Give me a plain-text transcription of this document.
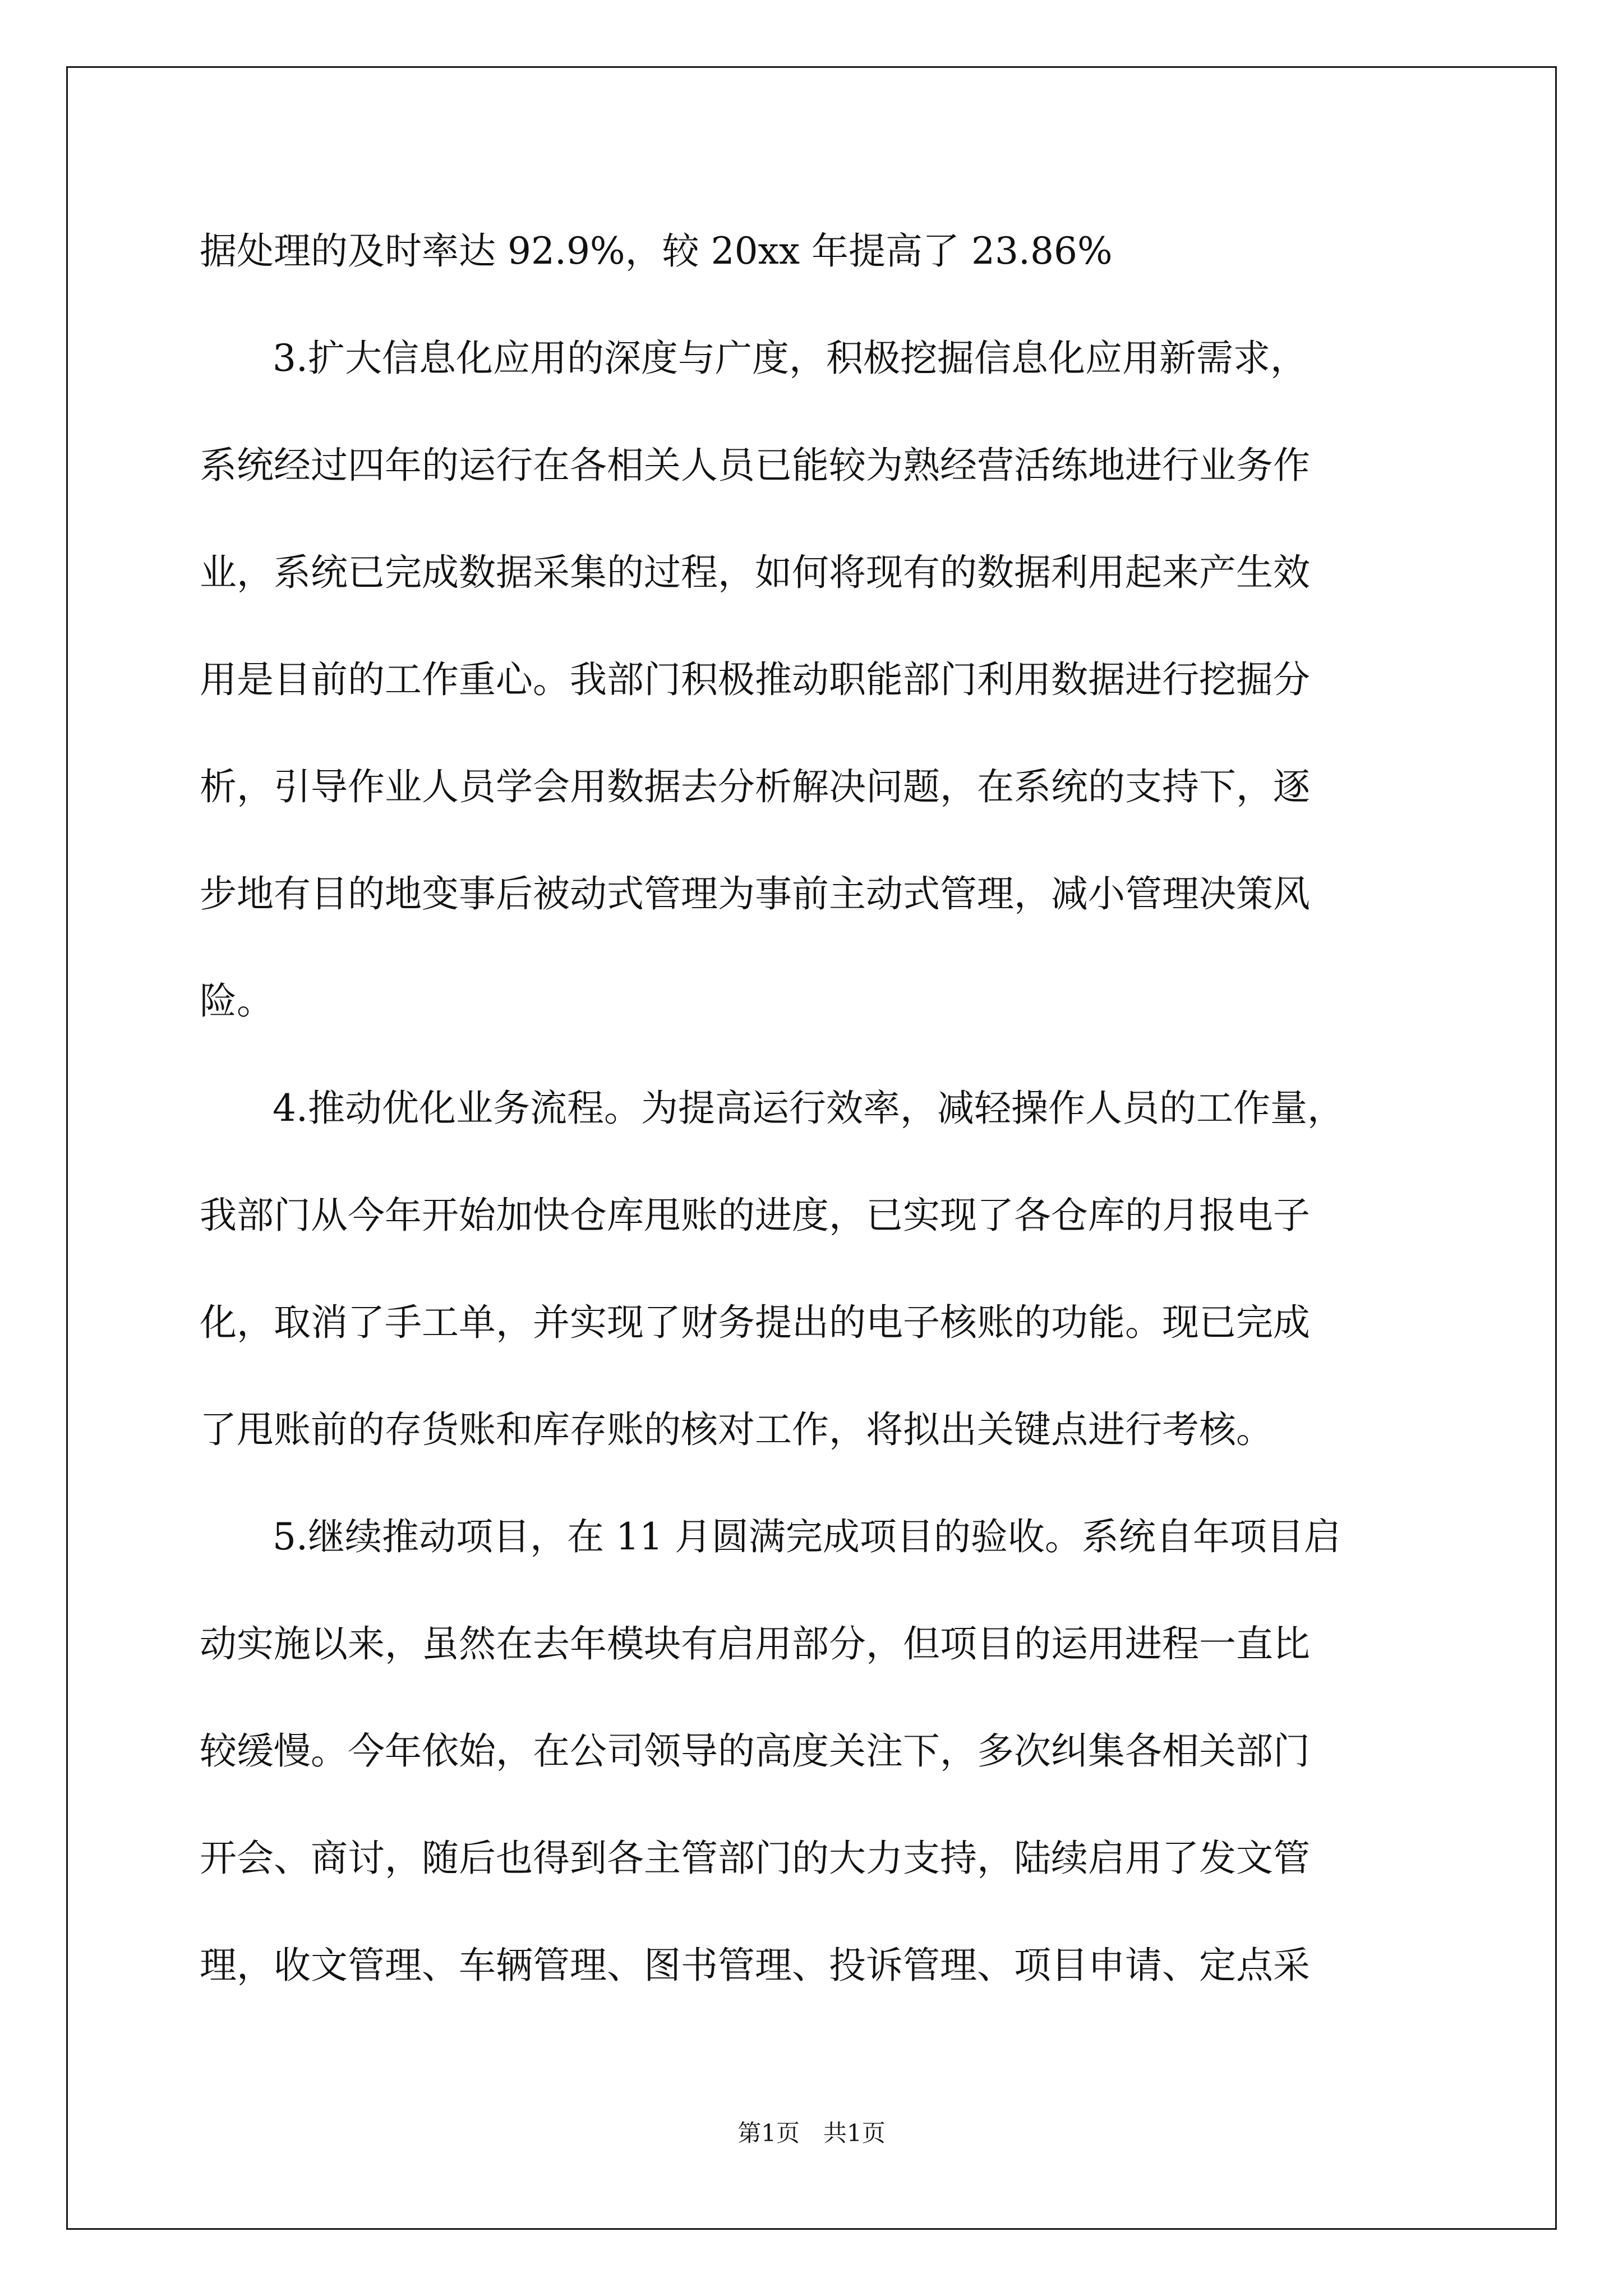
据处理的及时率达 92.9%，较 20xx 年提高了 23.86%
3.扩大信息化应用的深度与广度，积极挖掘信息化应用新需求，
系统经过四年的运行在各相关人员已能较为熟经营活练地进行业务作
业，系统已完成数据采集的过程，如何将现有的数据利用起来产生效
用是目前的工作重心。我部门积极推动职能部门利用数据进行挖掘分
析，引导作业人员学会用数据去分析解决问题，在系统的支持下，逐
步地有目的地变事后被动式管理为事前主动式管理，减小管理决策风
险。
4.推动优化业务流程。为提高运行效率，减轻操作人员的工作量，
我部门从今年开始加快仓库甩账的进度，已实现了各仓库的月报电子
化，取消了手工单，并实现了财务提出的电子核账的功能。现已完成
了甩账前的存货账和库存账的核对工作，将拟出关键点进行考核。
5.继续推动项目，在 11 月圆满完成项目的验收。系统自年项目启
动实施以来，虽然在去年模块有启用部分，但项目的运用进程一直比
较缓慢。今年依始，在公司领导的高度关注下，多次纠集各相关部门
开会、商讨，随后也得到各主管部门的大力支持，陆续启用了发文管
理，收文管理、车辆管理、图书管理、投诉管理、项目申请、定点采
第1页　共1页
